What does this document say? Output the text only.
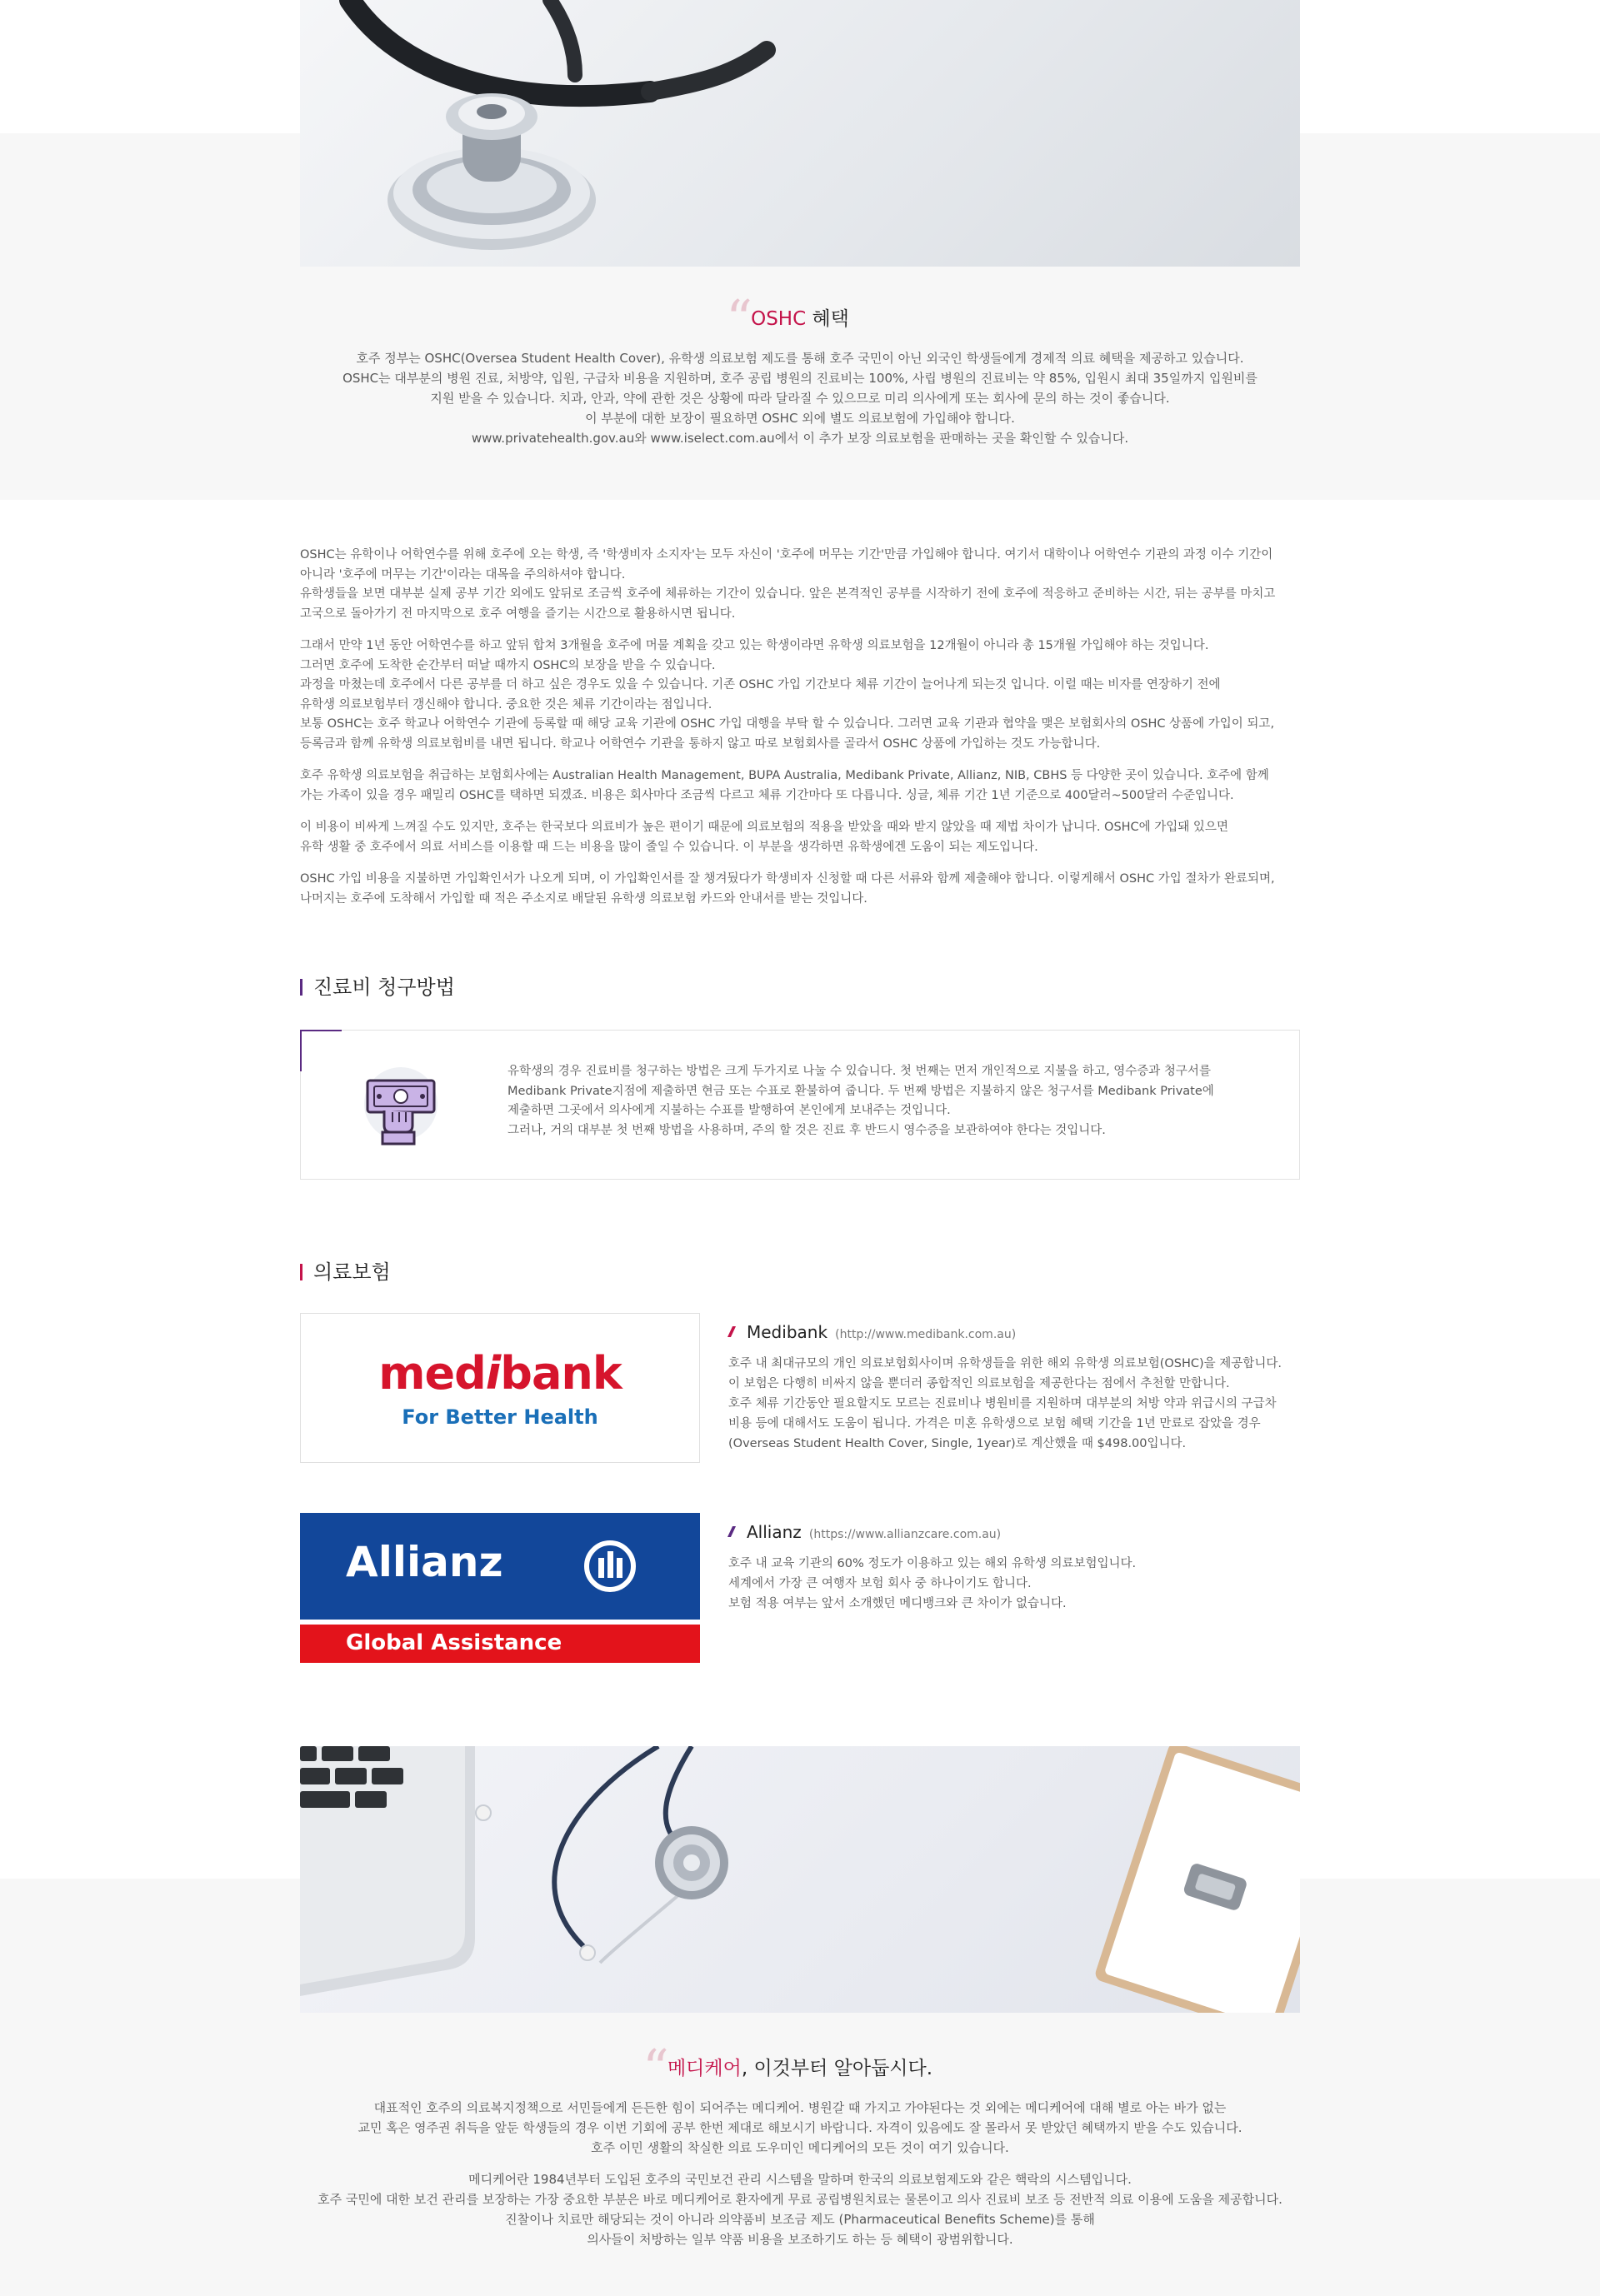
“
OSHC 혜택
호주 정부는 OSHC(Oversea Student Health Cover), 유학생 의료보험 제도를 통해 호주 국민이 아닌 외국인 학생들에게 경제적 의료 혜택을 제공하고 있습니다.
OSHC는 대부분의 병원 진료, 처방약, 입원, 구급차 비용을 지원하며, 호주 공립 병원의 진료비는 100%, 사립 병원의 진료비는 약 85%, 입원시 최대 35일까지 입원비를
지원 받을 수 있습니다. 치과, 안과, 약에 관한 것은 상황에 따라 달라질 수 있으므로 미리 의사에게 또는 회사에 문의 하는 것이 좋습니다.
이 부분에 대한 보장이 필요하면 OSHC 외에 별도 의료보험에 가입해야 합니다.
www.privatehealth.gov.au와 www.iselect.com.au에서 이 추가 보장 의료보험을 판매하는 곳을 확인할 수 있습니다.
OSHC는 유학이나 어학연수를 위해 호주에 오는 학생, 즉 '학생비자 소지자'는 모두 자신이 '호주에 머무는 기간'만큼 가입해야 합니다. 여기서 대학이나 어학연수 기관의 과정 이수 기간이
아니라 '호주에 머무는 기간'이라는 대목을 주의하셔야 합니다.
유학생들을 보면 대부분 실제 공부 기간 외에도 앞뒤로 조금씩 호주에 체류하는 기간이 있습니다. 앞은 본격적인 공부를 시작하기 전에 호주에 적응하고 준비하는 시간, 뒤는 공부를 마치고
고국으로 돌아가기 전 마지막으로 호주 여행을 즐기는 시간으로 활용하시면 됩니다.
그래서 만약 1년 동안 어학연수를 하고 앞뒤 합쳐 3개월을 호주에 머물 계획을 갖고 있는 학생이라면 유학생 의료보험을 12개월이 아니라 총 15개월 가입해야 하는 것입니다.
그러면 호주에 도착한 순간부터 떠날 때까지 OSHC의 보장을 받을 수 있습니다.
과정을 마쳤는데 호주에서 다른 공부를 더 하고 싶은 경우도 있을 수 있습니다. 기존 OSHC 가입 기간보다 체류 기간이 늘어나게 되는것 입니다. 이럴 때는 비자를 연장하기 전에
유학생 의료보험부터 갱신해야 합니다. 중요한 것은 체류 기간이라는 점입니다.
보통 OSHC는 호주 학교나 어학연수 기관에 등록할 때 해당 교육 기관에 OSHC 가입 대행을 부탁 할 수 있습니다. 그러면 교육 기관과 협약을 맺은 보험회사의 OSHC 상품에 가입이 되고,
등록금과 함께 유학생 의료보험비를 내면 됩니다. 학교나 어학연수 기관을 통하지 않고 따로 보험회사를 골라서 OSHC 상품에 가입하는 것도 가능합니다.
호주 유학생 의료보험을 취급하는 보험회사에는 Australian Health Management, BUPA Australia, Medibank Private, Allianz, NIB, CBHS 등 다양한 곳이 있습니다. 호주에 함께
가는 가족이 있을 경우 패밀리 OSHC를 택하면 되겠죠. 비용은 회사마다 조금씩 다르고 체류 기간마다 또 다릅니다. 싱글, 체류 기간 1년 기준으로 400달러~500달러 수준입니다.
이 비용이 비싸게 느껴질 수도 있지만, 호주는 한국보다 의료비가 높은 편이기 때문에 의료보험의 적용을 받았을 때와 받지 않았을 때 제법 차이가 납니다. OSHC에 가입돼 있으면
유학 생활 중 호주에서 의료 서비스를 이용할 때 드는 비용을 많이 줄일 수 있습니다. 이 부분을 생각하면 유학생에겐 도움이 되는 제도입니다.
OSHC 가입 비용을 지불하면 가입확인서가 나오게 되며, 이 가입확인서를 잘 챙겨뒀다가 학생비자 신청할 때 다른 서류와 함께 제출해야 합니다. 이렇게해서 OSHC 가입 절차가 완료되며,
나머지는 호주에 도착해서 가입할 때 적은 주소지로 배달된 유학생 의료보험 카드와 안내서를 받는 것입니다.
진료비 청구방법
유학생의 경우 진료비를 청구하는 방법은 크게 두가지로 나눌 수 있습니다. 첫 번째는 먼저 개인적으로 지불을 하고, 영수증과 청구서를
Medibank Private지점에 제출하면 현금 또는 수표로 환불하여 줍니다. 두 번째 방법은 지불하지 않은 청구서를 Medibank Private에
제출하면 그곳에서 의사에게 지불하는 수표를 발행하여 본인에게 보내주는 것입니다.
그러나, 거의 대부분 첫 번째 방법을 사용하며, 주의 할 것은 진료 후 반드시 영수증을 보관하여야 한다는 것입니다.
의료보험
medibank
For Better Health
Medibank (http://www.medibank.com.au)
호주 내 최대규모의 개인 의료보험회사이며 유학생들을 위한 해외 유학생 의료보험(OSHC)을 제공합니다.
이 보험은 다행히 비싸지 않을 뿐더러 종합적인 의료보험을 제공한다는 점에서 추천할 만합니다.
호주 체류 기간동안 필요할지도 모르는 진료비나 병원비를 지원하며 대부분의 처방 약과 위급시의 구급차
비용 등에 대해서도 도움이 됩니다. 가격은 미혼 유학생으로 보험 혜택 기간을 1년 만료로 잡았을 경우
(Overseas Student Health Cover, Single, 1year)로 계산했을 때 $498.00입니다.
Allianz
Global Assistance
Allianz (https://www.allianzcare.com.au)
호주 내 교육 기관의 60% 정도가 이용하고 있는 해외 유학생 의료보험입니다.
세계에서 가장 큰 여행자 보험 회사 중 하나이기도 합니다.
보험 적용 여부는 앞서 소개했던 메디뱅크와 큰 차이가 없습니다.
“
메디케어, 이것부터 알아둡시다.
대표적인 호주의 의료복지정책으로 서민들에게 든든한 힘이 되어주는 메디케어. 병원갈 때 가지고 가야된다는 것 외에는 메디케어에 대해 별로 아는 바가 없는
교민 혹은 영주권 취득을 앞둔 학생들의 경우 이번 기회에 공부 한번 제대로 해보시기 바랍니다. 자격이 있음에도 잘 몰라서 못 받았던 혜택까지 받을 수도 있습니다.
호주 이민 생활의 착실한 의료 도우미인 메디케어의 모든 것이 여기 있습니다.
메디케어란 1984년부터 도입된 호주의 국민보건 관리 시스템을 말하며 한국의 의료보험제도와 같은 핵락의 시스템입니다.
호주 국민에 대한 보건 관리를 보장하는 가장 중요한 부분은 바로 메디케어로 환자에게 무료 공립병원치료는 물론이고 의사 진료비 보조 등 전반적 의료 이용에 도움을 제공합니다.
진찰이나 치료만 해당되는 것이 아니라 의약품비 보조금 제도 (Pharmaceutical Benefits Scheme)를 통해
의사들이 처방하는 일부 약품 비용을 보조하기도 하는 등 혜택이 광범위합니다.
